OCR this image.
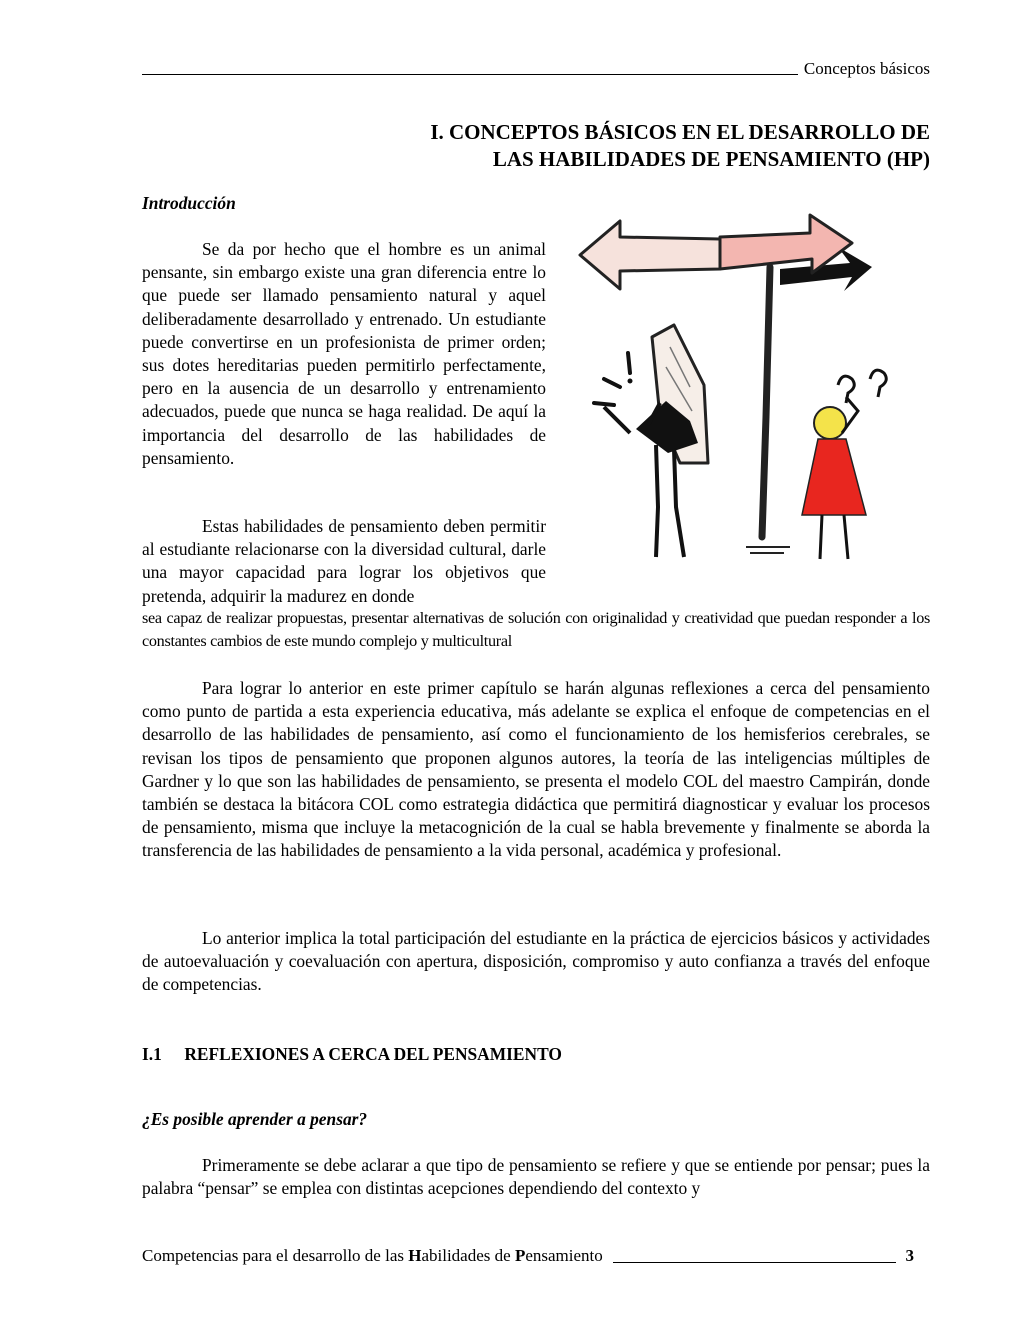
Conceptos básicos
I. CONCEPTOS BÁSICOS EN EL DESARROLLO DE
LAS HABILIDADES DE PENSAMIENTO (HP)
Introducción

Se da por hecho que el hombre es un animal pensante, sin embargo existe una gran diferencia entre lo que puede ser llamado pensamiento natural y aquel deliberadamente desarrollado y entrenado. Un estudiante puede convertirse en un profesionista de primer orden; sus dotes hereditarias pueden permitirlo perfectamente, pero en la ausencia de un desarrollo y entrenamiento adecuados, puede que nunca se haga realidad. De aquí la importancia del desarrollo de las habilidades de pensamiento.

Estas habilidades de pensamiento deben permitir al estudiante relacionarse con la diversidad cultural, darle una mayor capacidad para lograr los objetivos que pretenda, adquirir la madurez en donde

sea capaz de realizar propuestas, presentar alternativas de solución con originalidad y creatividad que puedan responder a los constantes cambios de este mundo complejo y multicultural

Para lograr lo anterior en este primer capítulo se harán algunas reflexiones a cerca del pensamiento como punto de partida a esta experiencia educativa, más adelante se explica el enfoque de competencias en el desarrollo de las habilidades de pensamiento, así como el funcionamiento de los hemisferios cerebrales, se revisan los tipos de pensamiento que proponen algunos autores, la teoría de las inteligencias múltiples de Gardner y lo que son las habilidades de pensamiento, se presenta el modelo COL del maestro Campirán, donde también se destaca la bitácora COL como estrategia didáctica que permitirá diagnosticar y evaluar los procesos de pensamiento, misma que incluye la metacognición de la cual se habla brevemente y finalmente se aborda la transferencia de las habilidades de pensamiento a la vida personal, académica y profesional.

Lo anterior implica la total participación del estudiante en la práctica de ejercicios básicos y actividades de autoevaluación y coevaluación con apertura, disposición, compromiso y auto confianza a través del enfoque de competencias.

I.1 REFLEXIONES A CERCA DEL PENSAMIENTO
¿Es posible aprender a pensar?

Primeramente se debe aclarar a que tipo de pensamiento se refiere y que se entiende por pensar; pues la palabra “pensar” se emplea con distintas acepciones dependiendo del contexto y

Competencias para el desarrollo de las Habilidades de Pensamiento	3
